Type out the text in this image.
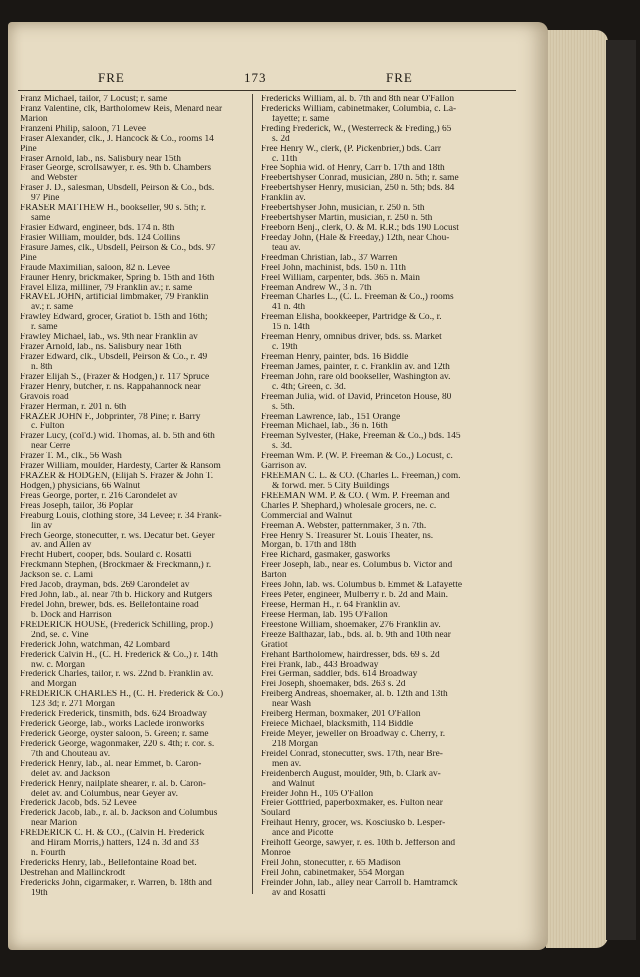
FRE	173	FRE
Franz Michael, tailor, 7 Locust; r. same
Franz Valentine, clk, Bartholomew Reis, Menard near
Marion
Franzeni Philip, saloon, 71 Levee
Fraser Alexander, clk., J. Hancock & Co., rooms 14
Pine
Fraser Arnold, lab., ns. Salisbury near 15th
Fraser George, scrollsawyer, r. es. 9th b. Chambers
and Webster
Fraser J. D., salesman, Ubsdell, Peirson & Co., bds.
97 Pine
FRASER MATTHEW H., bookseller, 90 s. 5th; r.
same
Frasier Edward, engineer, bds. 174 n. 8th
Frasier William, moulder, bds. 124 Collins
Frasure James, clk., Ubsdell, Peirson & Co., bds. 97
Pine
Fraude Maximilian, saloon, 82 n. Levee
Frauner Henry, brickmaker, Spring b. 15th and 16th
Fravel Eliza, milliner, 79 Franklin av.; r. same
FRAVEL JOHN, artificial limbmaker, 79 Franklin
av.; r. same
Frawley Edward, grocer, Gratiot b. 15th and 16th;
r. same
Frawley Michael, lab., ws. 9th near Franklin av
Frazer Arnold, lab., ns. Salisbury near 16th
Frazer Edward, clk., Ubsdell, Peirson & Co., r. 49
n. 8th
Frazer Elijah S., (Frazer & Hodgen,) r. 117 Spruce
Frazer Henry, butcher, r. ns. Rappahannock near
Gravois road
Frazer Herman, r. 201 n. 6th
FRAZER JOHN F., Jobprinter, 78 Pine; r. Barry
c. Fulton
Frazer Lucy, (col'd.) wid. Thomas, al. b. 5th and 6th
near Cerre
Frazer T. M., clk., 56 Wash
Frazer William, moulder, Hardesty, Carter & Ransom
FRAZER & HODGEN, (Elijah S. Frazer & John T.
Hodgen,) physicians, 66 Walnut
Freas George, porter, r. 216 Carondelet av
Freas Joseph, tailor, 36 Poplar
Freaburg Louis, clothing store, 34 Levee; r. 34 Frank-
lin av
Frech George, stonecutter, r. ws. Decatur bet. Geyer
av. and Allen av
Frecht Hubert, cooper, bds. Soulard c. Rosatti
Freckmann Stephen, (Brockmaer & Freckmann,) r.
Jackson se. c. Lami
Fred Jacob, drayman, bds. 269 Carondelet av
Fred John, lab., al. near 7th b. Hickory and Rutgers
Fredel John, brewer, bds. es. Bellefontaine road
b. Dock and Harrison
FREDERICK HOUSE, (Frederick Schilling, prop.)
2nd, se. c. Vine
Frederick John, watchman, 42 Lombard
Frederick Calvin H., (C. H. Frederick & Co.,) r. 14th
nw. c. Morgan
Frederick Charles, tailor, r. ws. 22nd b. Franklin av.
and Morgan
FREDERICK CHARLES H., (C. H. Frederick & Co.)
123 3d; r. 271 Morgan
Frederick Frederick, tinsmith, bds. 624 Broadway
Frederick George, lab., works Laclede ironworks
Frederick George, oyster saloon, 5. Green; r. same
Frederick George, wagonmaker, 220 s. 4th; r. cor. s.
7th and Chouteau av.
Frederick Henry, lab., al. near Emmet, b. Caron-
delet av. and Jackson
Frederick Henry, nailplate shearer, r. al. b. Caron-
delet av. and Columbus, near Geyer av.
Frederick Jacob, bds. 52 Levee
Frederick Jacob, lab., r. al. b. Jackson and Columbus
near Marion
FREDERICK C. H. & CO., (Calvin H. Frederick
and Hiram Morris,) hatters, 124 n. 3d and 33
n. Fourth
Fredericks Henry, lab., Bellefontaine Road bet.
Destrehan and Mallinckrodt
Fredericks John, cigarmaker, r. Warren, b. 18th and
19th
Fredericks William, al. b. 7th and 8th near O'Fallon
Fredericks William, cabinetmaker, Columbia, c. La-
fayette; r. same
Freding Frederick, W., (Westerreck & Freding,) 65
s. 2d
Free Henry W., clerk, (P. Pickenbrier,) bds. Carr
c. 11th
Free Sophia wid. of Henry, Carr b. 17th and 18th
Freebertshyser Conrad, musician, 280 n. 5th; r. same
Freebertshyser Henry, musician, 250 n. 5th; bds. 84
Franklin av.
Freebertshyser John, musician, r. 250 n. 5th
Freebertshyser Martin, musician, r. 250 n. 5th
Freeborn Benj., clerk, O. & M. R.R.; bds 190 Locust
Freeday John, (Hale & Freeday,) 12th, near Chou-
teau av.
Freedman Christian, lab., 37 Warren
Freel John, machinist, bds. 150 n. 11th
Freel William, carpenter, bds. 365 n. Main
Freeman Andrew W., 3 n. 7th
Freeman Charles L., (C. L. Freeman & Co.,) rooms
41 n. 4th
Freeman Elisha, bookkeeper, Partridge & Co., r.
15 n. 14th
Freeman Henry, omnibus driver, bds. ss. Market
c. 19th
Freeman Henry, painter, bds. 16 Biddle
Freeman James, painter, r. c. Franklin av. and 12th
Freeman John, rare old bookseller, Washington av.
c. 4th; Green, c. 3d.
Freeman Julia, wid. of David, Princeton House, 80
s. 5th.
Freeman Lawrence, lab., 151 Orange
Freeman Michael, lab., 36 n. 16th
Freeman Sylvester, (Hake, Freeman & Co.,) bds. 145
s. 3d.
Freeman Wm. P. (W. P. Freeman & Co.,) Locust, c.
Garrison av.
FREEMAN C. L. & CO. (Charles L. Freeman,) com.
& forwd. mer. 5 City Buildings
FREEMAN WM. P. & CO. ( Wm. P. Freeman and
Charles P. Shephard,) wholesale grocers, ne. c.
Commercial and Walnut
Freeman A. Webster, patternmaker, 3 n. 7th.
Free Henry S. Treasurer St. Louis Theater, ns.
Morgan, b. 17th and 18th
Free Richard, gasmaker, gasworks
Freer Joseph, lab., near es. Columbus b. Victor and
Barton
Frees John, lab. ws. Columbus b. Emmet & Lafayette
Frees Peter, engineer, Mulberry r. b. 2d and Main.
Freese, Herman H., r. 64 Franklin av.
Freese Herman, lab. 195 O'Fallon
Freestone William, shoemaker, 276 Franklin av.
Freeze Balthazar, lab., bds. al. b. 9th and 10th near
Gratiot
Frehant Bartholomew, hairdresser, bds. 69 s. 2d
Frei Frank, lab., 443 Broadway
Frei German, saddler, bds. 614 Broadway
Frei Joseph, shoemaker, bds. 263 s. 2d
Freiberg Andreas, shoemaker, al. b. 12th and 13th
near Wash
Freiberg Herman, boxmaker, 201 O'Fallon
Freiece Michael, blacksmith, 114 Biddle
Freide Meyer, jeweller on Broadway c. Cherry, r.
218 Morgan
Freidel Conrad, stonecutter, sws. 17th, near Bre-
men av.
Freidenberch August, moulder, 9th, b. Clark av-
and Walnut
Freider John H., 105 O'Fallon
Freier Gottfried, paperboxmaker, es. Fulton near
Soulard
Freihaut Henry, grocer, ws. Kosciusko b. Lesper-
ance and Picotte
Freihoff George, sawyer, r. es. 10th b. Jefferson and
Monroe
Freil John, stonecutter, r. 65 Madison
Freil John, cabinetmaker, 554 Morgan
Freinder John, lab., alley near Carroll b. Hamtramck
av and Rosatti
